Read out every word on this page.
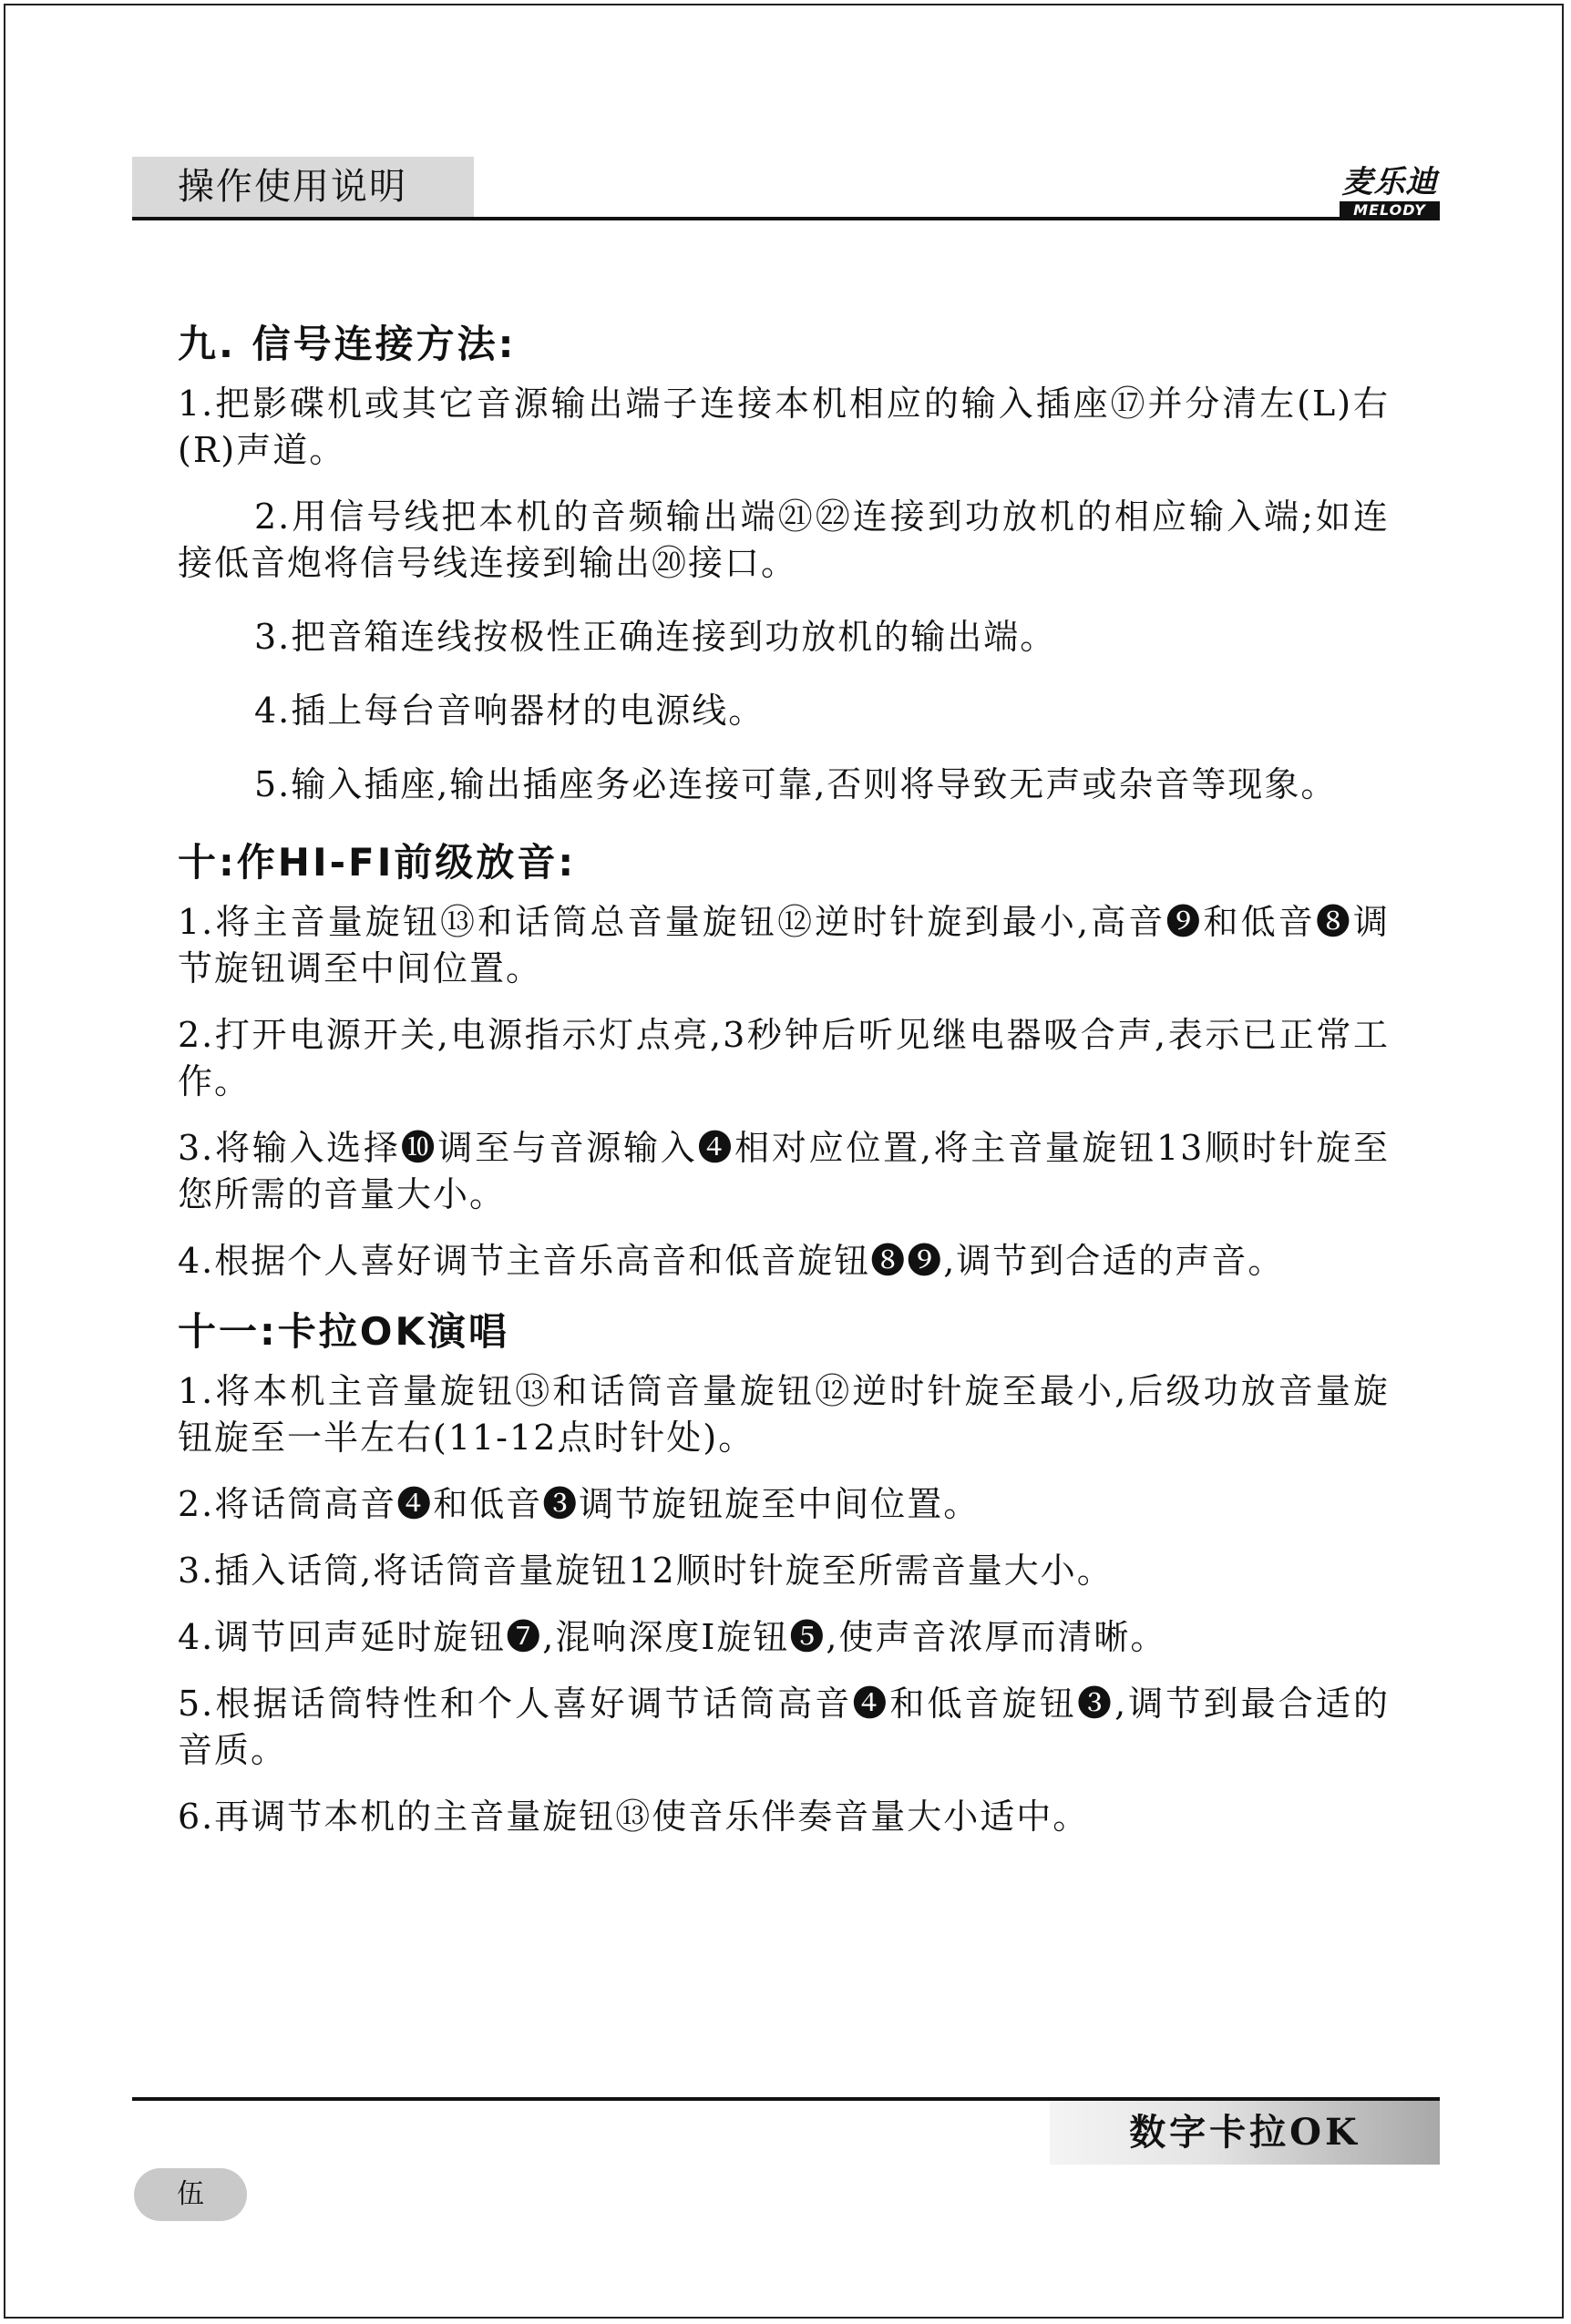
操作使用说明	麦乐迪
MELODY
九. 信号连接方法:

1.把影碟机或其它音源输出端子连接本机相应的输入插座⑰并分清左(L)右(R)声道。

2.用信号线把本机的音频输出端㉑㉒连接到功放机的相应输入端;如连接低音炮将信号线连接到输出⑳接口。

3.把音箱连线按极性正确连接到功放机的输出端。

4.插上每台音响器材的电源线。

5.输入插座,输出插座务必连接可靠,否则将导致无声或杂音等现象。

十:作HI-FI前级放音:

1.将主音量旋钮⑬和话筒总音量旋钮⑫逆时针旋到最小,高音❾和低音❽调节旋钮调至中间位置。

2.打开电源开关,电源指示灯点亮,3秒钟后听见继电器吸合声,表示已正常工作。

3.将输入选择❿调至与音源输入❹相对应位置,将主音量旋钮13顺时针旋至您所需的音量大小。

4.根据个人喜好调节主音乐高音和低音旋钮❽❾,调节到合适的声音。

十一:卡拉OK演唱

1.将本机主音量旋钮⑬和话筒音量旋钮⑫逆时针旋至最小,后级功放音量旋钮旋至一半左右(11-12点时针处)。

2.将话筒高音❹和低音❸调节旋钮旋至中间位置。

3.插入话筒,将话筒音量旋钮12顺时针旋至所需音量大小。

4.调节回声延时旋钮❼,混响深度I旋钮❺,使声音浓厚而清晰。

5.根据话筒特性和个人喜好调节话筒高音❹和低音旋钮❸,调节到最合适的音质。

6.再调节本机的主音量旋钮⑬使音乐伴奏音量大小适中。

数字卡拉OK
伍
